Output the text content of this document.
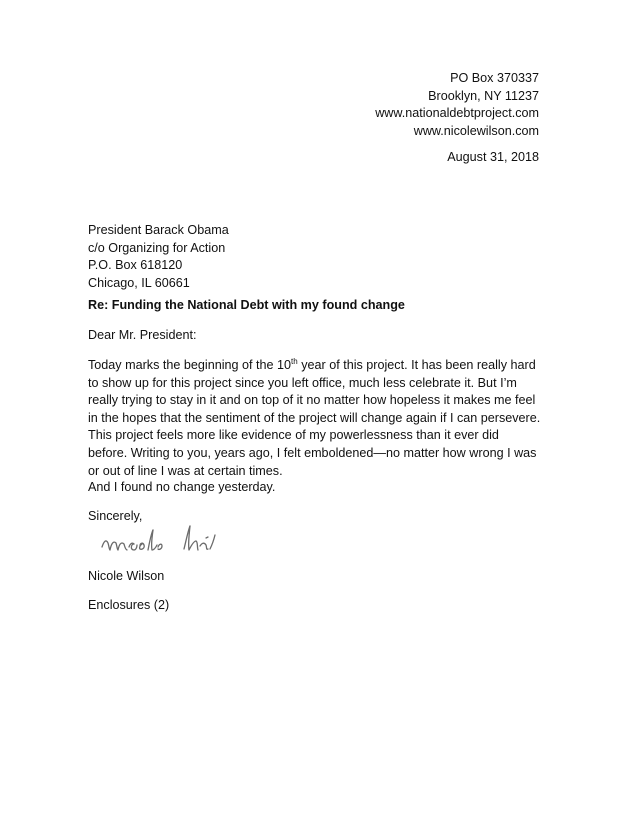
PO Box 370337
Brooklyn, NY 11237
www.nationaldebtproject.com
www.nicolewilson.com
August 31, 2018
President Barack Obama
c/o Organizing for Action
P.O. Box 618120
Chicago, IL 60661
Re: Funding the National Debt with my found change
Dear Mr. President:
Today marks the beginning of the 10th year of this project. It has been really hard
to show up for this project since you left office, much less celebrate it. But I’m
really trying to stay in it and on top of it no matter how hopeless it makes me feel
in the hopes that the sentiment of the project will change again if I can persevere.
This project feels more like evidence of my powerlessness than it ever did
before. Writing to you, years ago, I felt emboldened—no matter how wrong I was
or out of line I was at certain times.
And I found no change yesterday.
Sincerely,
Nicole Wilson
Enclosures (2)
